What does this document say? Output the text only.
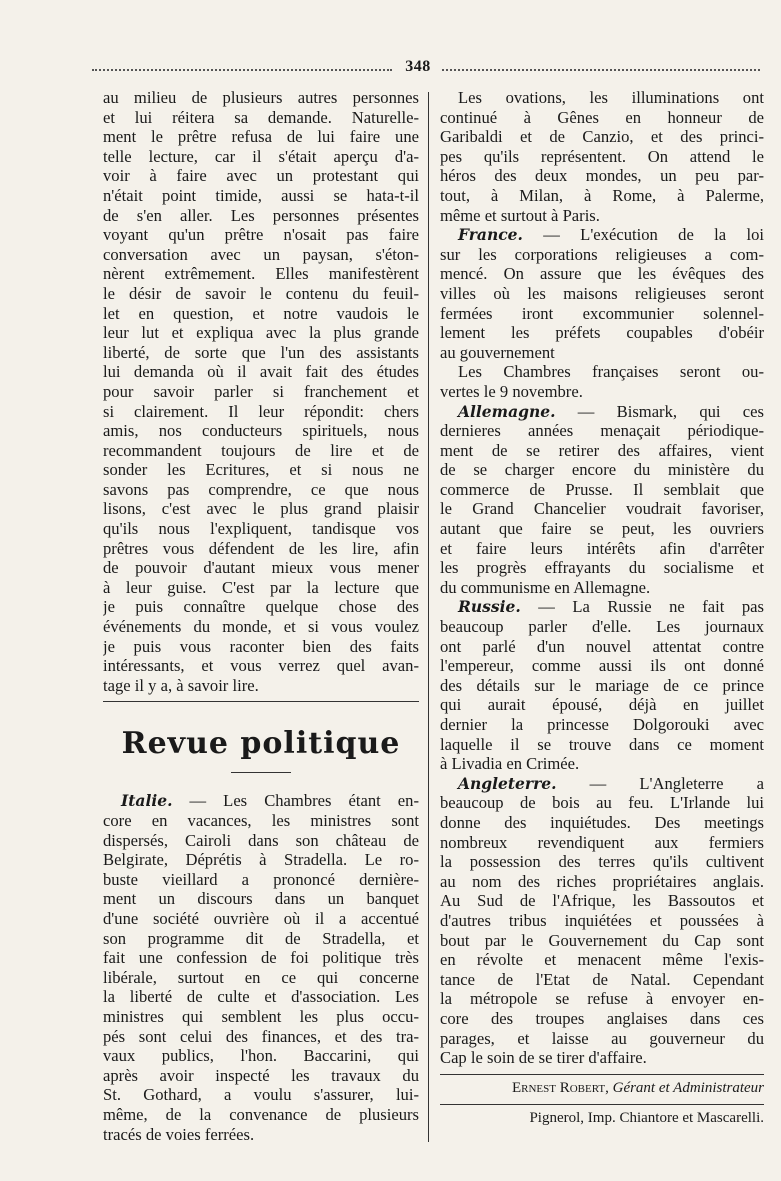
348
au milieu de plusieurs autres personnes
et lui réitera sa demande. Naturelle-
ment le prêtre refusa de lui faire une
telle lecture, car il s'était aperçu d'a-
voir à faire avec un protestant qui
n'était point timide, aussi se hata-t-il
de s'en aller. Les personnes présentes
voyant qu'un prêtre n'osait pas faire
conversation avec un paysan, s'éton-
nèrent extrêmement. Elles manifestèrent
le désir de savoir le contenu du feuil-
let en question, et notre vaudois le
leur lut et expliqua avec la plus grande
liberté, de sorte que l'un des assistants
lui demanda où il avait fait des études
pour savoir parler si franchement et
si clairement. Il leur répondit: chers
amis, nos conducteurs spirituels, nous
recommandent toujours de lire et de
sonder les Ecritures, et si nous ne
savons pas comprendre, ce que nous
lisons, c'est avec le plus grand plaisir
qu'ils nous l'expliquent, tandisque vos
prêtres vous défendent de les lire, afin
de pouvoir d'autant mieux vous mener
à leur guise. C'est par la lecture que
je puis connaître quelque chose des
événements du monde, et si vous voulez
je puis vous raconter bien des faits
intéressants, et vous verrez quel avan-
tage il y a, à savoir lire.
Revue politique
Italie. — Les Chambres étant en-
core en vacances, les ministres sont
dispersés, Cairoli dans son château de
Belgirate, Déprétis à Stradella. Le ro-
buste vieillard a prononcé dernière-
ment un discours dans un banquet
d'une société ouvrière où il a accentué
son programme dit de Stradella, et
fait une confession de foi politique très
libérale, surtout en ce qui concerne
la liberté de culte et d'association. Les
ministres qui semblent les plus occu-
pés sont celui des finances, et des tra-
vaux publics, l'hon. Baccarini, qui
après avoir inspecté les travaux du
St. Gothard, a voulu s'assurer, lui-
même, de la convenance de plusieurs
tracés de voies ferrées.
Les ovations, les illuminations ont
continué à Gênes en honneur de
Garibaldi et de Canzio, et des princi-
pes qu'ils représentent. On attend le
héros des deux mondes, un peu par-
tout, à Milan, à Rome, à Palerme,
même et surtout à Paris.
France. — L'exécution de la loi
sur les corporations religieuses a com-
mencé. On assure que les évêques des
villes où les maisons religieuses seront
fermées iront excommunier solennel-
lement les préfets coupables d'obéir
au gouvernement
Les Chambres françaises seront ou-
vertes le 9 novembre.
Allemagne. — Bismark, qui ces
dernieres années menaçait périodique-
ment de se retirer des affaires, vient
de se charger encore du ministère du
commerce de Prusse. Il semblait que
le Grand Chancelier voudrait favoriser,
autant que faire se peut, les ouvriers
et faire leurs intérêts afin d'arrêter
les progrès effrayants du socialisme et
du communisme en Allemagne.
Russie. — La Russie ne fait pas
beaucoup parler d'elle. Les journaux
ont parlé d'un nouvel attentat contre
l'empereur, comme aussi ils ont donné
des détails sur le mariage de ce prince
qui aurait épousé, déjà en juillet
dernier la princesse Dolgorouki avec
laquelle il se trouve dans ce moment
à Livadia en Crimée.
Angleterre. — L'Angleterre a
beaucoup de bois au feu. L'Irlande lui
donne des inquiétudes. Des meetings
nombreux revendiquent aux fermiers
la possession des terres qu'ils cultivent
au nom des riches propriétaires anglais.
Au Sud de l'Afrique, les Bassoutos et
d'autres tribus inquiétées et poussées à
bout par le Gouvernement du Cap sont
en révolte et menacent même l'exis-
tance de l'Etat de Natal. Cependant
la métropole se refuse à envoyer en-
core des troupes anglaises dans ces
parages, et laisse au gouverneur du
Cap le soin de se tirer d'affaire.
Ernest Robert, Gérant et Administrateur
Pignerol, Imp. Chiantore et Mascarelli.
